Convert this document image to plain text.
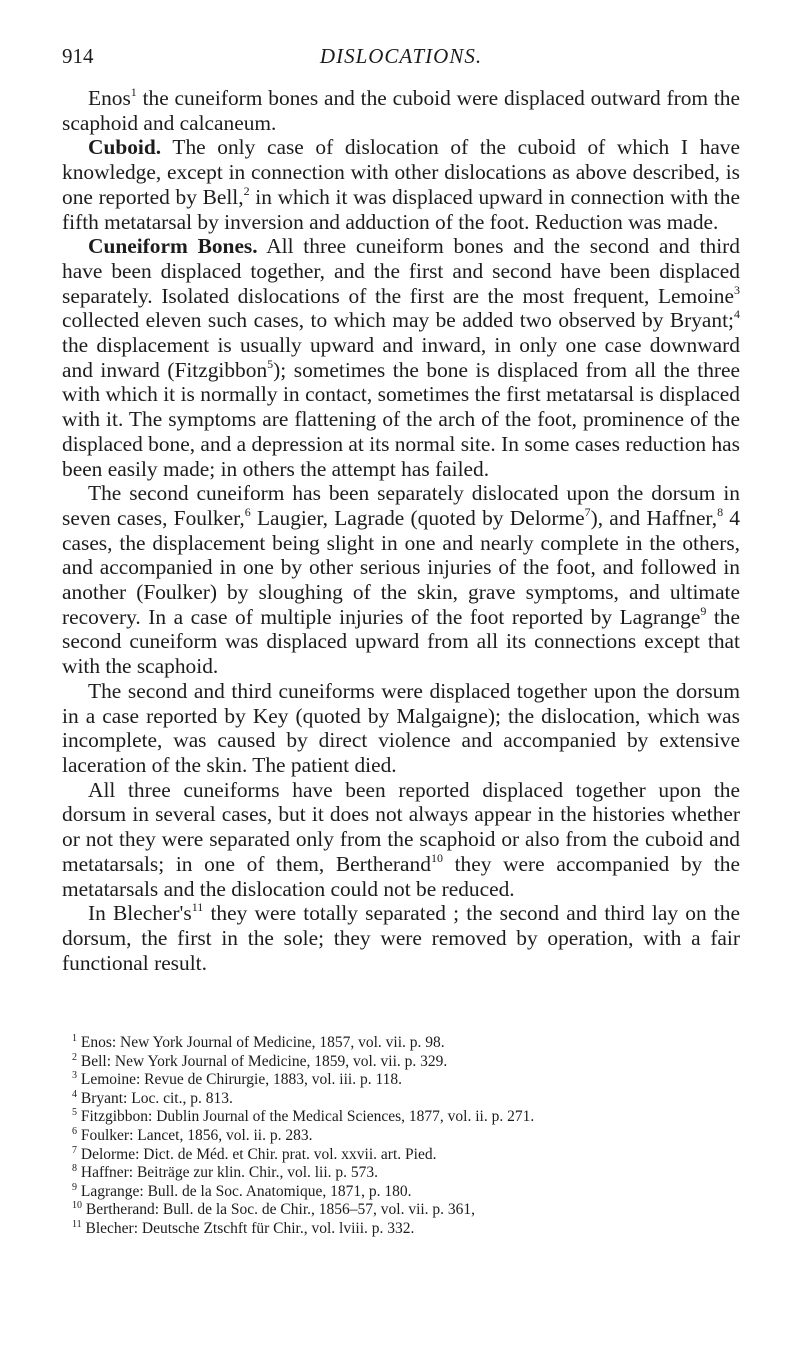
914	DISLOCATIONS.

Enos$^1$ the cuneiform bones and the cuboid were displaced outward from the scaphoid and calcaneum.

Cuboid. The only case of dislocation of the cuboid of which I have knowledge, except in connection with other dislocations as above described, is one reported by Bell,$^2$ in which it was displaced upward in connection with the fifth metatarsal by inversion and adduction of the foot. Reduction was made.

Cuneiform Bones. All three cuneiform bones and the second and third have been displaced together, and the first and second have been displaced separately. Isolated dislocations of the first are the most frequent, Lemoine$^3$ collected eleven such cases, to which may be added two observed by Bryant;$^4$ the displacement is usually upward and inward, in only one case downward and inward (Fitzgibbon$^5$); sometimes the bone is displaced from all the three with which it is normally in contact, sometimes the first metatarsal is displaced with it. The symptoms are flattening of the arch of the foot, prominence of the displaced bone, and a depression at its normal site. In some cases reduction has been easily made; in others the attempt has failed.

The second cuneiform has been separately dislocated upon the dorsum in seven cases, Foulker,$^6$ Laugier, Lagrade (quoted by Delorme$^7$), and Haffner,$^8$ 4 cases, the displacement being slight in one and nearly complete in the others, and accompanied in one by other serious injuries of the foot, and followed in another (Foulker) by sloughing of the skin, grave symptoms, and ultimate recovery. In a case of multiple injuries of the foot reported by Lagrange$^9$ the second cuneiform was displaced upward from all its connections except that with the scaphoid.

The second and third cuneiforms were displaced together upon the dorsum in a case reported by Key (quoted by Malgaigne); the dislocation, which was incomplete, was caused by direct violence and accompanied by extensive laceration of the skin. The patient died.

All three cuneiforms have been reported displaced together upon the dorsum in several cases, but it does not always appear in the histories whether or not they were separated only from the scaphoid or also from the cuboid and metatarsals; in one of them, Bertherand$^{10}$ they were accompanied by the metatarsals and the dislocation could not be reduced.

In $Blecher's^{11}$ they were totally separated ; the second and third lay on the dorsum, the first in the sole; they were removed by operation, with a fair functional result.

$^1$ Enos: New York Journal of Medicine, 1857, vol. vii. p. 98.
$^2$ Bell: New York Journal of Medicine, 1859, vol. vii. p. 329.
$^3$ Lemoine: Revue de Chirurgie, 1883, vol. iii. p. 118.
$^4$ Bryant: Loc. cit., p. 813.
$^5$ Fitzgibbon: Dublin Journal of the Medical Sciences, 1877, vol. ii. p. 271.
$^6$ Foulker: Lancet, 1856, vol. ii. p. 283.
$^7$ Delorme: Dict. de Méd. et Chir. prat. vol. xxvii. art. Pied.
$^8$ Haffner: Beiträge zur klin. Chir., vol. lii. p. 573.
$^9$ Lagrange: Bull. de la Soc. Anatomique, 1871, p. 180.
$^{10}$ Bertherand: Bull. de la Soc. de Chir., 1856–57, vol. vii. p. 361,
$^{11}$ Blecher: Deutsche Ztschft für Chir., vol. lviii. p. 332.
